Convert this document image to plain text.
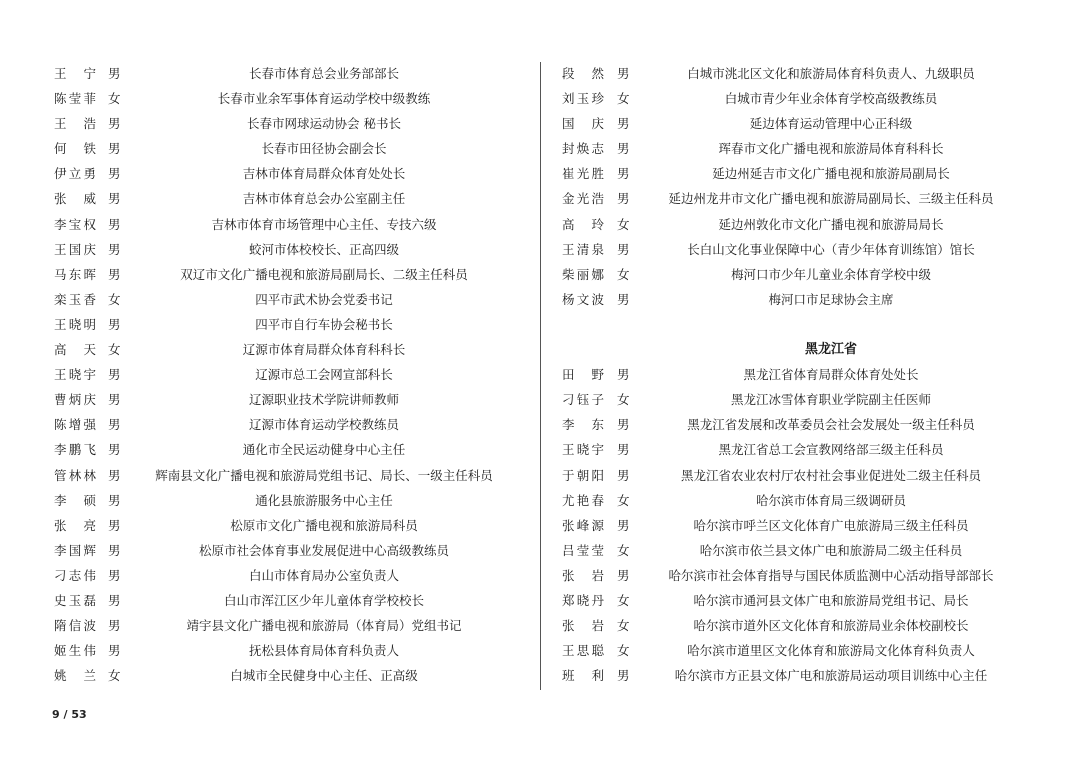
王宁 男	长春市体育总会业务部部长
陈莹菲 女	长春市业余军事体育运动学校中级教练
王浩 男	长春市网球运动协会 秘书长
何铁 男	长春市田径协会副会长
伊立勇 男	吉林市体育局群众体育处处长
张威 男	吉林市体育总会办公室副主任
李宝权 男	吉林市体育市场管理中心主任、专技六级
王国庆 男	蛟河市体校校长、正高四级
马东晖 男	双辽市文化广播电视和旅游局副局长、二级主任科员
栾玉香 女	四平市武术协会党委书记
王晓明 男	四平市自行车协会秘书长
高天 女	辽源市体育局群众体育科科长
王晓宇 男	辽源市总工会网宣部科长
曹炳庆 男	辽源职业技术学院讲师教师
陈增强 男	辽源市体育运动学校教练员
李鹏飞 男	通化市全民运动健身中心主任
管林林 男	辉南县文化广播电视和旅游局党组书记、局长、一级主任科员
李硕 男	通化县旅游服务中心主任
张亮 男	松原市文化广播电视和旅游局科员
李国辉 男	松原市社会体育事业发展促进中心高级教练员
刁志伟 男	白山市体育局办公室负责人
史玉磊 男	白山市浑江区少年儿童体育学校校长
隋信波 男	靖宇县文化广播电视和旅游局（体育局）党组书记
姬生伟 男	抚松县体育局体育科负责人
姚兰 女	白城市全民健身中心主任、正高级
段然 男	白城市洮北区文化和旅游局体育科负责人、九级职员
刘玉珍 女	白城市青少年业余体育学校高级教练员
国庆 男	延边体育运动管理中心正科级
封焕志 男	珲春市文化广播电视和旅游局体育科科长
崔光胜 男	延边州延吉市文化广播电视和旅游局副局长
金光浩 男	延边州龙井市文化广播电视和旅游局副局长、三级主任科员
高玲 女	延边州敦化市文化广播电视和旅游局局长
王清泉 男	长白山文化事业保障中心（青少年体育训练馆）馆长
柴丽娜 女	梅河口市少年儿童业余体育学校中级
杨文波 男	梅河口市足球协会主席
黑龙江省
田野 男	黑龙江省体育局群众体育处处长
刁钰子 女	黑龙江冰雪体育职业学院副主任医师
李东 男	黑龙江省发展和改革委员会社会发展处一级主任科员
王晓宇 男	黑龙江省总工会宣教网络部三级主任科员
于朝阳 男	黑龙江省农业农村厅农村社会事业促进处二级主任科员
尤艳春 女	哈尔滨市体育局三级调研员
张峰源 男	哈尔滨市呼兰区文化体育广电旅游局三级主任科员
吕莹莹 女	哈尔滨市依兰县文体广电和旅游局二级主任科员
张岩 男	哈尔滨市社会体育指导与国民体质监测中心活动指导部部长
郑晓丹 女	哈尔滨市通河县文体广电和旅游局党组书记、局长
张岩 女	哈尔滨市道外区文化体育和旅游局业余体校副校长
王思聪 女	哈尔滨市道里区文化体育和旅游局文化体育科负责人
班利 男	哈尔滨市方正县文体广电和旅游局运动项目训练中心主任
9 / 53
